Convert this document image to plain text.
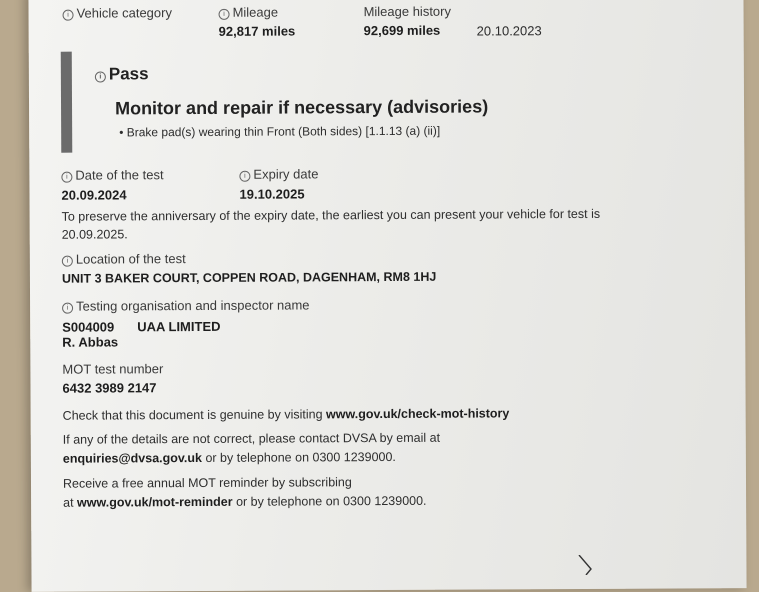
i Vehicle category	i Mileage
92,817 miles
Mileage history
92,699 miles	20.10.2023
i Pass
Monitor and repair if necessary (advisories)
• Brake pad(s) wearing thin Front (Both sides) [1.1.13 (a) (ii)]
i Date of the test
20.09.2024
i Expiry date
19.10.2025
To preserve the anniversary of the expiry date, the earliest you can present your vehicle for test is
20.09.2025.
i Location of the test
UNIT 3 BAKER COURT, COPPEN ROAD, DAGENHAM, RM8 1HJ
i Testing organisation and inspector name
S004009 UAA LIMITED
R. Abbas
MOT test number
6432 3989 2147
Check that this document is genuine by visiting www.gov.uk/check-mot-history
If any of the details are not correct, please contact DVSA by email at
enquiries@dvsa.gov.uk or by telephone on 0300 1239000.
Receive a free annual MOT reminder by subscribing
at www.gov.uk/mot-reminder or by telephone on 0300 1239000.
